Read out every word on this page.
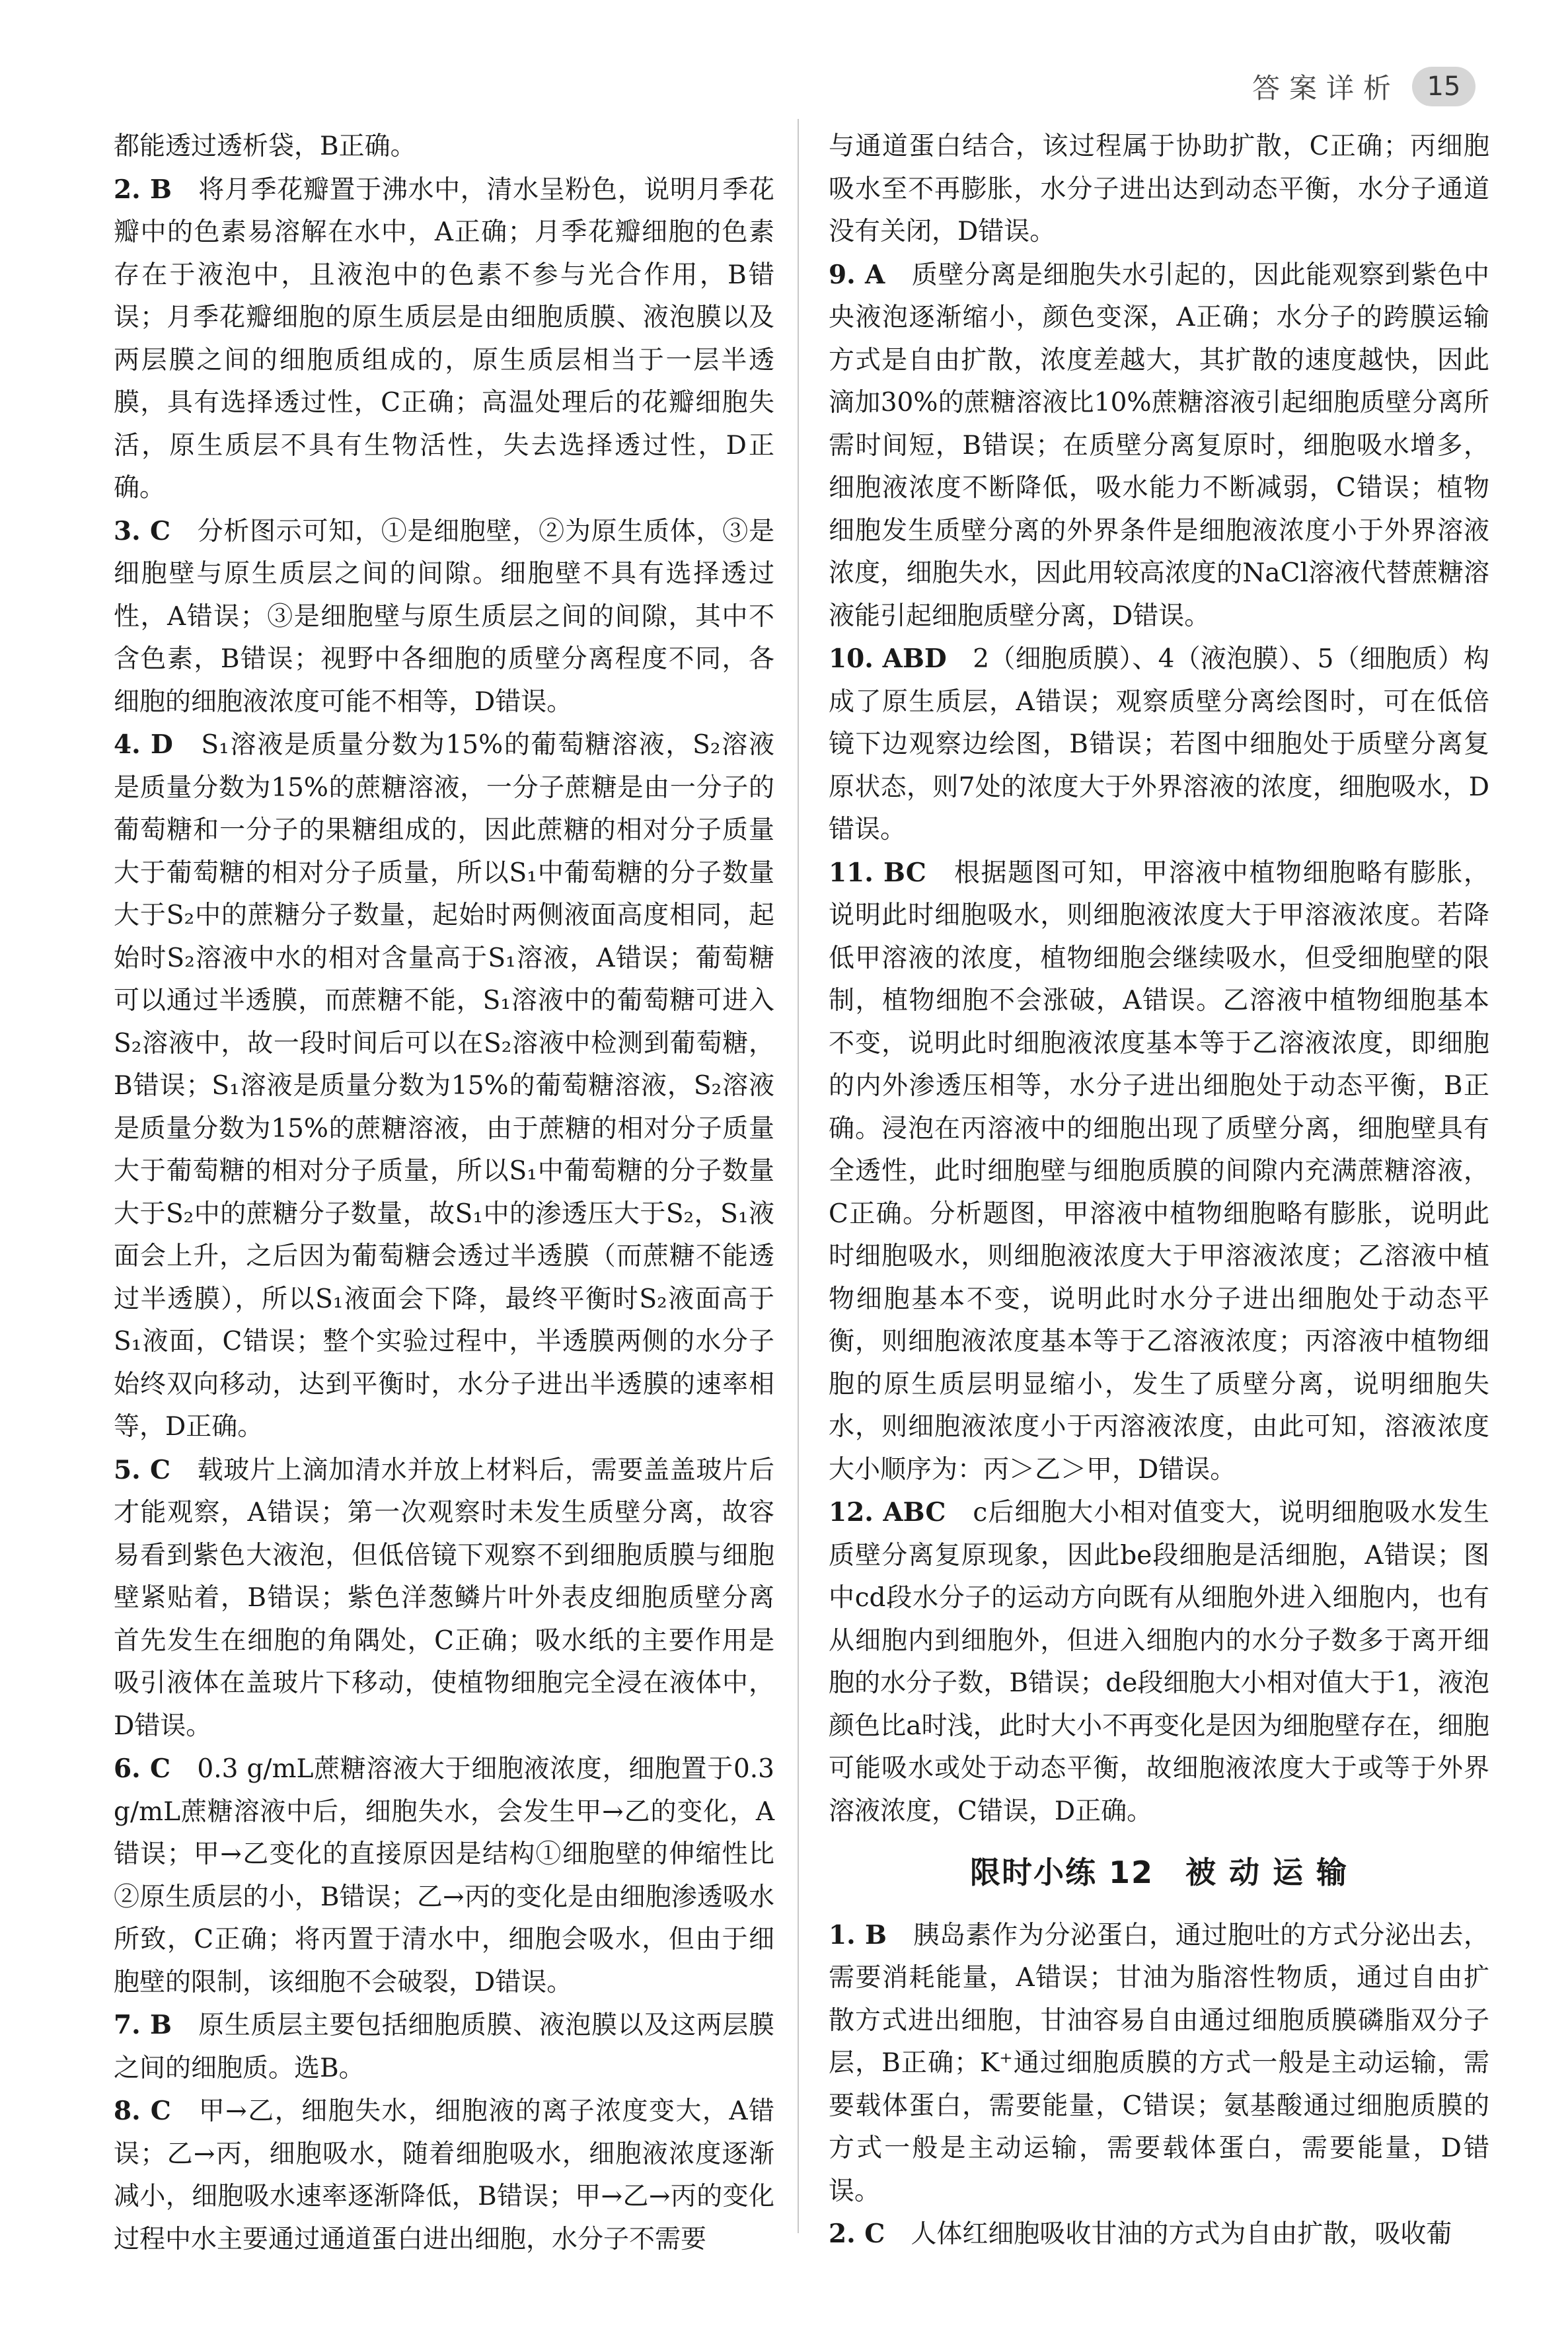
答案详析	15

都能透过透析袋，B正确。

2. B　 将月季花瓣置于沸水中，清水呈粉色，说明月季花瓣中的色素易溶解在水中，A正确；月季花瓣细胞的色素存在于液泡中，且液泡中的色素不参与光合作用，B错误；月季花瓣细胞的原生质层是由细胞质膜、液泡膜以及两层膜之间的细胞质组成的，原生质层相当于一层半透膜，具有选择透过性，C正确；高温处理后的花瓣细胞失活，原生质层不具有生物活性，失去选择透过性，D正确。

3. C　 分析图示可知，①是细胞壁，②为原生质体，③是细胞壁与原生质层之间的间隙。细胞壁不具有选择透过性，A错误；③是细胞壁与原生质层之间的间隙，其中不含色素，B错误；视野中各细胞的质壁分离程度不同，各细胞的细胞液浓度可能不相等，D错误。

4. D　 S₁溶液是质量分数为15%的葡萄糖溶液，S₂溶液是质量分数为15%的蔗糖溶液，一分子蔗糖是由一分子的葡萄糖和一分子的果糖组成的，因此蔗糖的相对分子质量大于葡萄糖的相对分子质量，所以S₁中葡萄糖的分子数量大于S₂中的蔗糖分子数量，起始时两侧液面高度相同，起始时S₂溶液中水的相对含量高于S₁溶液，A错误；葡萄糖可以通过半透膜，而蔗糖不能，S₁溶液中的葡萄糖可进入S₂溶液中，故一段时间后可以在S₂溶液中检测到葡萄糖，B错误；S₁溶液是质量分数为15%的葡萄糖溶液，S₂溶液是质量分数为15%的蔗糖溶液，由于蔗糖的相对分子质量大于葡萄糖的相对分子质量，所以S₁中葡萄糖的分子数量大于S₂中的蔗糖分子数量，故S₁中的渗透压大于S₂，S₁液面会上升，之后因为葡萄糖会透过半透膜（而蔗糖不能透过半透膜），所以S₁液面会下降，最终平衡时S₂液面高于S₁液面，C错误；整个实验过程中，半透膜两侧的水分子始终双向移动，达到平衡时，水分子进出半透膜的速率相等，D正确。

5. C　 载玻片上滴加清水并放上材料后，需要盖盖玻片后才能观察，A错误；第一次观察时未发生质壁分离，故容易看到紫色大液泡，但低倍镜下观察不到细胞质膜与细胞壁紧贴着，B错误；紫色洋葱鳞片叶外表皮细胞质壁分离首先发生在细胞的角隅处，C正确；吸水纸的主要作用是吸引液体在盖玻片下移动，使植物细胞完全浸在液体中，D错误。

6. C　 0.3 g/mL蔗糖溶液大于细胞液浓度，细胞置于0.3 g/mL蔗糖溶液中后，细胞失水，会发生甲→乙的变化，A错误；甲→乙变化的直接原因是结构①细胞壁的伸缩性比②原生质层的小，B错误；乙→丙的变化是由细胞渗透吸水所致，C正确；将丙置于清水中，细胞会吸水，但由于细胞壁的限制，该细胞不会破裂，D错误。

7. B　 原生质层主要包括细胞质膜、液泡膜以及这两层膜之间的细胞质。选B。

8. C　 甲→乙，细胞失水，细胞液的离子浓度变大，A错误；乙→丙，细胞吸水，随着细胞吸水，细胞液浓度逐渐减小，细胞吸水速率逐渐降低，B错误；甲→乙→丙的变化过程中水主要通过通道蛋白进出细胞，水分子不需要

与通道蛋白结合，该过程属于协助扩散，C正确；丙细胞吸水至不再膨胀，水分子进出达到动态平衡，水分子通道没有关闭，D错误。

9. A　 质壁分离是细胞失水引起的，因此能观察到紫色中央液泡逐渐缩小，颜色变深，A正确；水分子的跨膜运输方式是自由扩散，浓度差越大，其扩散的速度越快，因此滴加30%的蔗糖溶液比10%蔗糖溶液引起细胞质壁分离所需时间短，B错误；在质壁分离复原时，细胞吸水增多，细胞液浓度不断降低，吸水能力不断减弱，C错误；植物细胞发生质壁分离的外界条件是细胞液浓度小于外界溶液浓度，细胞失水，因此用较高浓度的NaCl溶液代替蔗糖溶液能引起细胞质壁分离，D错误。

10. ABD　 2（细胞质膜）、4（液泡膜）、5（细胞质）构成了原生质层，A错误；观察质壁分离绘图时，可在低倍镜下边观察边绘图，B错误；若图中细胞处于质壁分离复原状态，则7处的浓度大于外界溶液的浓度，细胞吸水，D错误。

11. BC　 根据题图可知，甲溶液中植物细胞略有膨胀，说明此时细胞吸水，则细胞液浓度大于甲溶液浓度。若降低甲溶液的浓度，植物细胞会继续吸水，但受细胞壁的限制，植物细胞不会涨破，A错误。乙溶液中植物细胞基本不变，说明此时细胞液浓度基本等于乙溶液浓度，即细胞的内外渗透压相等，水分子进出细胞处于动态平衡，B正确。浸泡在丙溶液中的细胞出现了质壁分离，细胞壁具有全透性，此时细胞壁与细胞质膜的间隙内充满蔗糖溶液，C正确。分析题图，甲溶液中植物细胞略有膨胀，说明此时细胞吸水，则细胞液浓度大于甲溶液浓度；乙溶液中植物细胞基本不变，说明此时水分子进出细胞处于动态平衡，则细胞液浓度基本等于乙溶液浓度；丙溶液中植物细胞的原生质层明显缩小，发生了质壁分离，说明细胞失水，则细胞液浓度小于丙溶液浓度，由此可知，溶液浓度大小顺序为：丙＞乙＞甲，D错误。

12. ABC　 c后细胞大小相对值变大，说明细胞吸水发生质壁分离复原现象，因此be段细胞是活细胞，A错误；图中cd段水分子的运动方向既有从细胞外进入细胞内，也有从细胞内到细胞外，但进入细胞内的水分子数多于离开细胞的水分子数，B错误；de段细胞大小相对值大于1，液泡颜色比a时浅，此时大小不再变化是因为细胞壁存在，细胞可能吸水或处于动态平衡，故细胞液浓度大于或等于外界溶液浓度，C错误，D正确。

限时小练 12　被 动 运 输

1. B　 胰岛素作为分泌蛋白，通过胞吐的方式分泌出去，需要消耗能量，A错误；甘油为脂溶性物质，通过自由扩散方式进出细胞，甘油容易自由通过细胞质膜磷脂双分子层，B正确；K⁺通过细胞质膜的方式一般是主动运输，需要载体蛋白，需要能量，C错误；氨基酸通过细胞质膜的方式一般是主动运输，需要载体蛋白，需要能量，D错误。

2. C　 人体红细胞吸收甘油的方式为自由扩散，吸收葡
